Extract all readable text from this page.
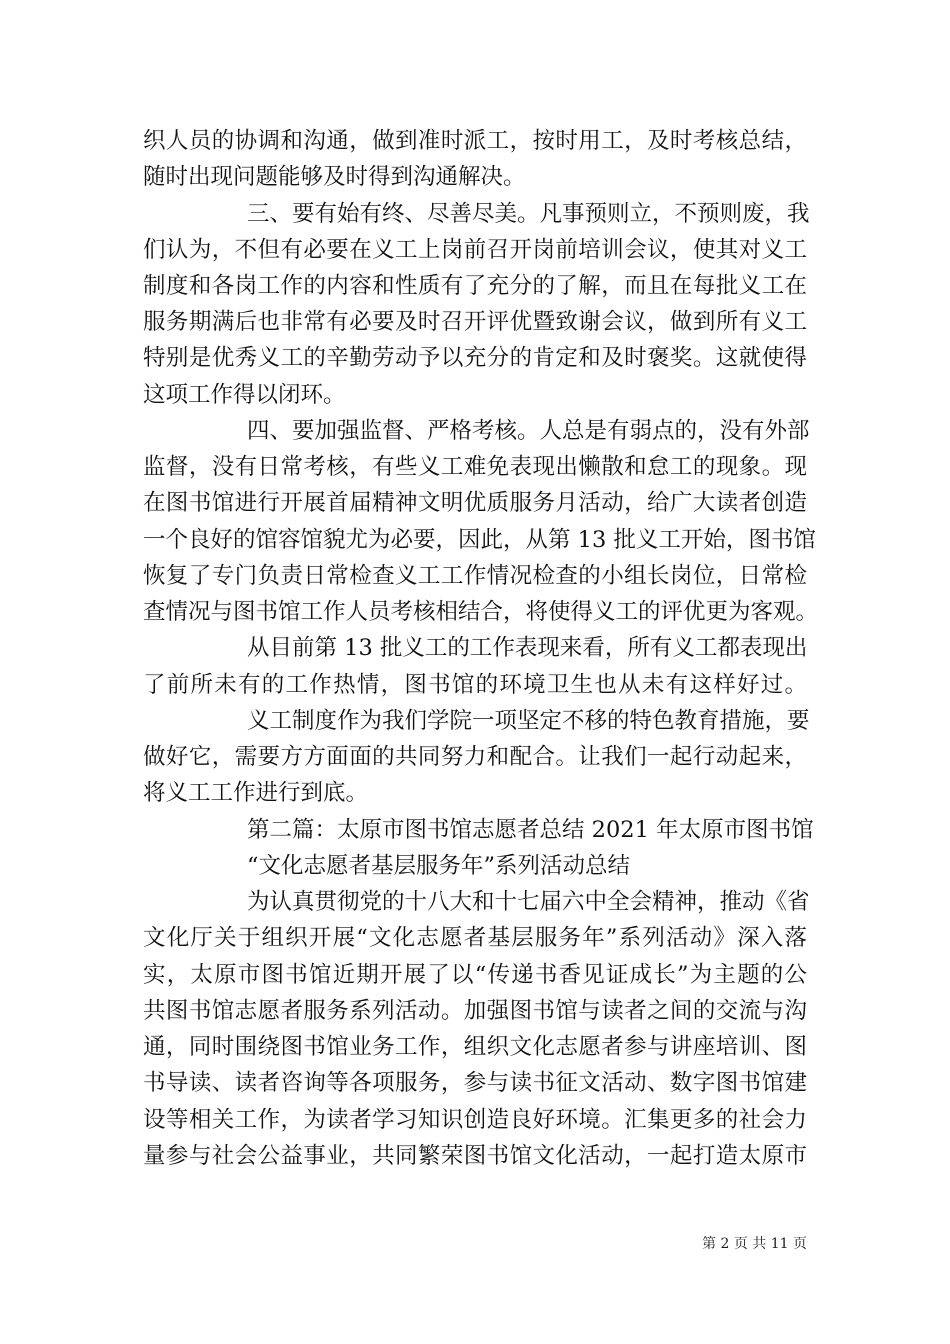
织人员的协调和沟通，做到准时派工，按时用工，及时考核总结，
随时出现问题能够及时得到沟通解决。
三、要有始有终、尽善尽美。凡事预则立，不预则废，我
们认为，不但有必要在义工上岗前召开岗前培训会议，使其对义工
制度和各岗工作的内容和性质有了充分的了解，而且在每批义工在
服务期满后也非常有必要及时召开评优暨致谢会议，做到所有义工
特别是优秀义工的辛勤劳动予以充分的肯定和及时褒奖。这就使得
这项工作得以闭环。
四、要加强监督、严格考核。人总是有弱点的，没有外部
监督，没有日常考核，有些义工难免表现出懒散和怠工的现象。现
在图书馆进行开展首届精神文明优质服务月活动，给广大读者创造
一个良好的馆容馆貌尤为必要，因此，从第 13 批义工开始，图书馆
恢复了专门负责日常检查义工工作情况检查的小组长岗位，日常检
查情况与图书馆工作人员考核相结合，将使得义工的评优更为客观。
从目前第 13 批义工的工作表现来看，所有义工都表现出
了前所未有的工作热情，图书馆的环境卫生也从未有这样好过。
义工制度作为我们学院一项坚定不移的特色教育措施，要
做好它，需要方方面面的共同努力和配合。让我们一起行动起来，
将义工工作进行到底。
第二篇：太原市图书馆志愿者总结 2021 年太原市图书馆
“文化志愿者基层服务年”系列活动总结
为认真贯彻党的十八大和十七届六中全会精神，推动《省
文化厅关于组织开展“文化志愿者基层服务年”系列活动》深入落
实，太原市图书馆近期开展了以“传递书香见证成长”为主题的公
共图书馆志愿者服务系列活动。加强图书馆与读者之间的交流与沟
通，同时围绕图书馆业务工作，组织文化志愿者参与讲座培训、图
书导读、读者咨询等各项服务，参与读书征文活动、数字图书馆建
设等相关工作，为读者学习知识创造良好环境。汇集更多的社会力
量参与社会公益事业，共同繁荣图书馆文化活动，一起打造太原市
第 2 页 共 11 页
